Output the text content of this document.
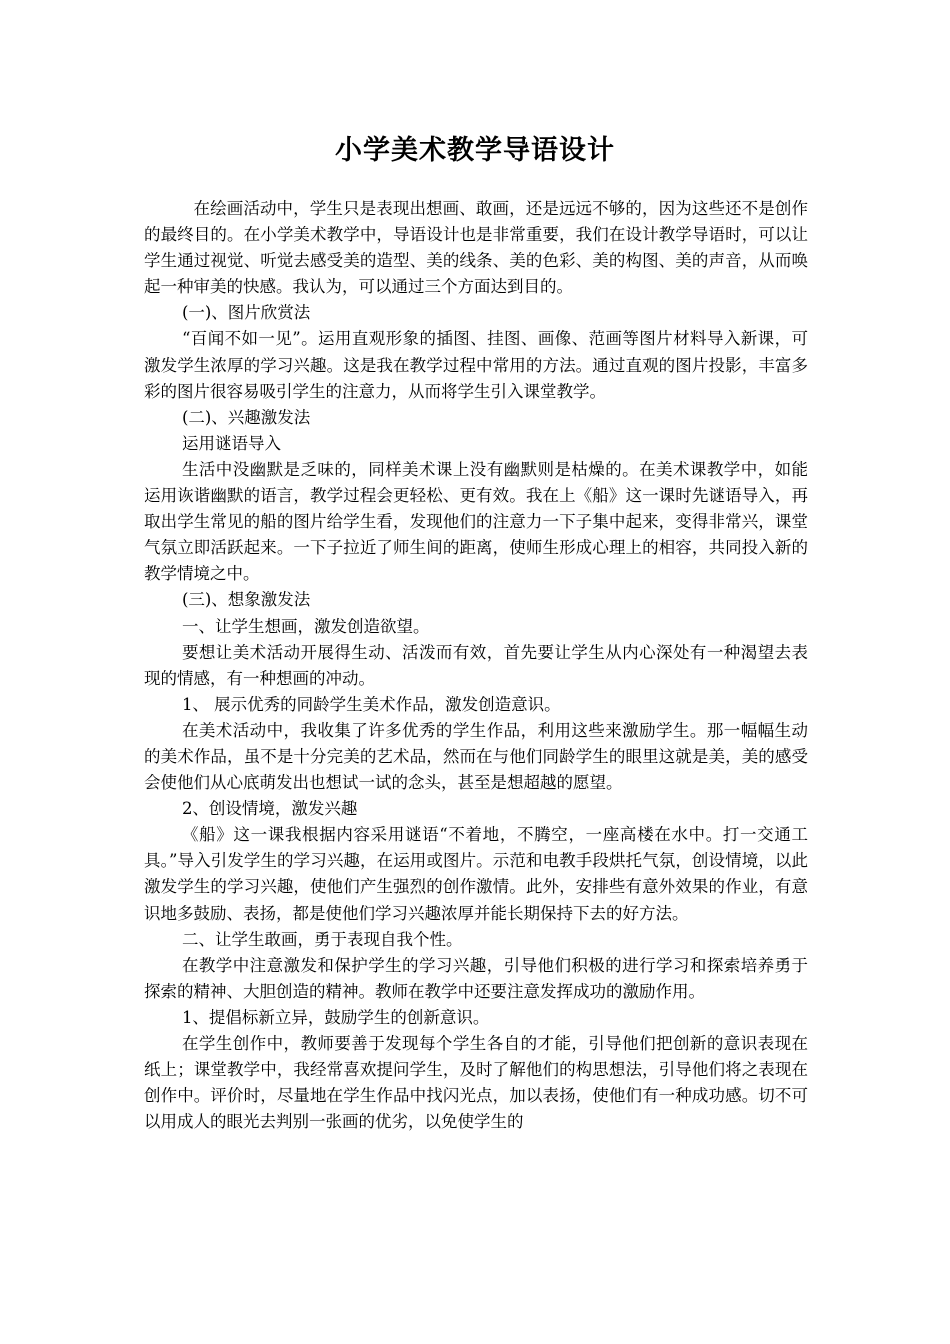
小学美术教学导语设计

在绘画活动中，学生只是表现出想画、敢画，还是远远不够的，因为这些还不是创作的最终目的。在小学美术教学中，导语设计也是非常重要，我们在设计教学导语时，可以让学生通过视觉、听觉去感受美的造型、美的线条、美的色彩、美的构图、美的声音，从而唤起一种审美的快感。我认为，可以通过三个方面达到目的。

(一)、图片欣赏法

“百闻不如一见”。运用直观形象的插图、挂图、画像、范画等图片材料导入新课，可激发学生浓厚的学习兴趣。这是我在教学过程中常用的方法。通过直观的图片投影，丰富多彩的图片很容易吸引学生的注意力，从而将学生引入课堂教学。

(二)、兴趣激发法

运用谜语导入

生活中没幽默是乏味的，同样美术课上没有幽默则是枯燥的。在美术课教学中，如能运用诙谐幽默的语言，教学过程会更轻松、更有效。我在上《船》这一课时先谜语导入，再取出学生常见的船的图片给学生看，发现他们的注意力一下子集中起来，变得非常兴，课堂气氛立即活跃起来。一下子拉近了师生间的距离，使师生形成心理上的相容，共同投入新的教学情境之中。

(三)、想象激发法

一、让学生想画，激发创造欲望。

要想让美术活动开展得生动、活泼而有效，首先要让学生从内心深处有一种渴望去表现的情感，有一种想画的冲动。

1、 展示优秀的同龄学生美术作品，激发创造意识。

在美术活动中，我收集了许多优秀的学生作品，利用这些来激励学生。那一幅幅生动的美术作品，虽不是十分完美的艺术品，然而在与他们同龄学生的眼里这就是美，美的感受会使他们从心底萌发出也想试一试的念头，甚至是想超越的愿望。

2、创设情境，激发兴趣

《船》这一课我根据内容采用谜语“不着地，不腾空，一座高楼在水中。打一交通工具。”导入引发学生的学习兴趣，在运用或图片。示范和电教手段烘托气氛，创设情境，以此激发学生的学习兴趣，使他们产生强烈的创作激情。此外，安排些有意外效果的作业，有意识地多鼓励、表扬，都是使他们学习兴趣浓厚并能长期保持下去的好方法。

二、让学生敢画，勇于表现自我个性。

在教学中注意激发和保护学生的学习兴趣，引导他们积极的进行学习和探索培养勇于探索的精神、大胆创造的精神。教师在教学中还要注意发挥成功的激励作用。

1、提倡标新立异，鼓励学生的创新意识。

在学生创作中，教师要善于发现每个学生各自的才能，引导他们把创新的意识表现在纸上；课堂教学中，我经常喜欢提问学生，及时了解他们的构思想法，引导他们将之表现在创作中。评价时，尽量地在学生作品中找闪光点，加以表扬，使他们有一种成功感。切不可以用成人的眼光去判别一张画的优劣，以免使学生的
